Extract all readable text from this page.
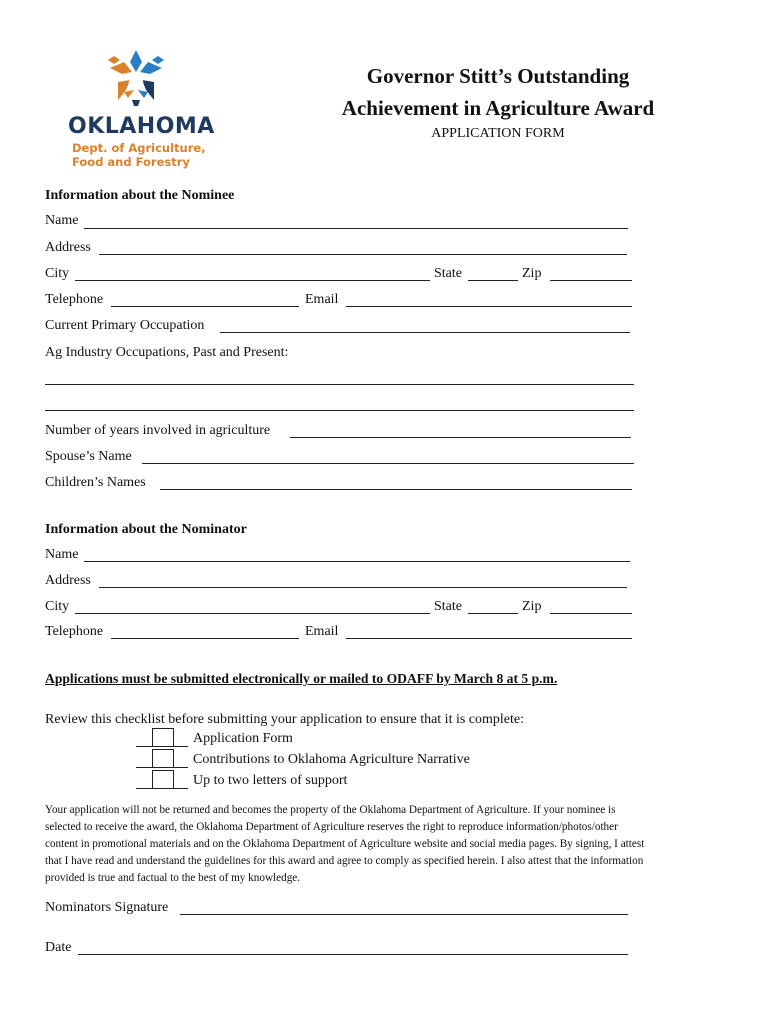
OKLAHOMA
Dept. of Agriculture,
Food and Forestry
Governor Stitt’s Outstanding
Achievement in Agriculture Award
APPLICATION FORM
Information about the Nominee
Name
Address
City	State	Zip
Telephone	Email
Current Primary Occupation
Ag Industry Occupations, Past and Present:
Number of years involved in agriculture
Spouse’s Name
Children’s Names
Information about the Nominator
Name
Address
City	State	Zip
Telephone	Email
Applications must be submitted electronically or mailed to ODAFF by March 8 at 5 p.m.
Review this checklist before submitting your application to ensure that it is complete:
Application Form
Contributions to Oklahoma Agriculture Narrative
Up to two letters of support
Your application will not be returned and becomes the property of the Oklahoma Department of Agriculture. If your nominee is
selected to receive the award, the Oklahoma Department of Agriculture reserves the right to reproduce information/photos/other
content in promotional materials and on the Oklahoma Department of Agriculture website and social media pages. By signing, I attest
that I have read and understand the guidelines for this award and agree to comply as specified herein. I also attest that the information
provided is true and factual to the best of my knowledge.
Nominators Signature
Date
